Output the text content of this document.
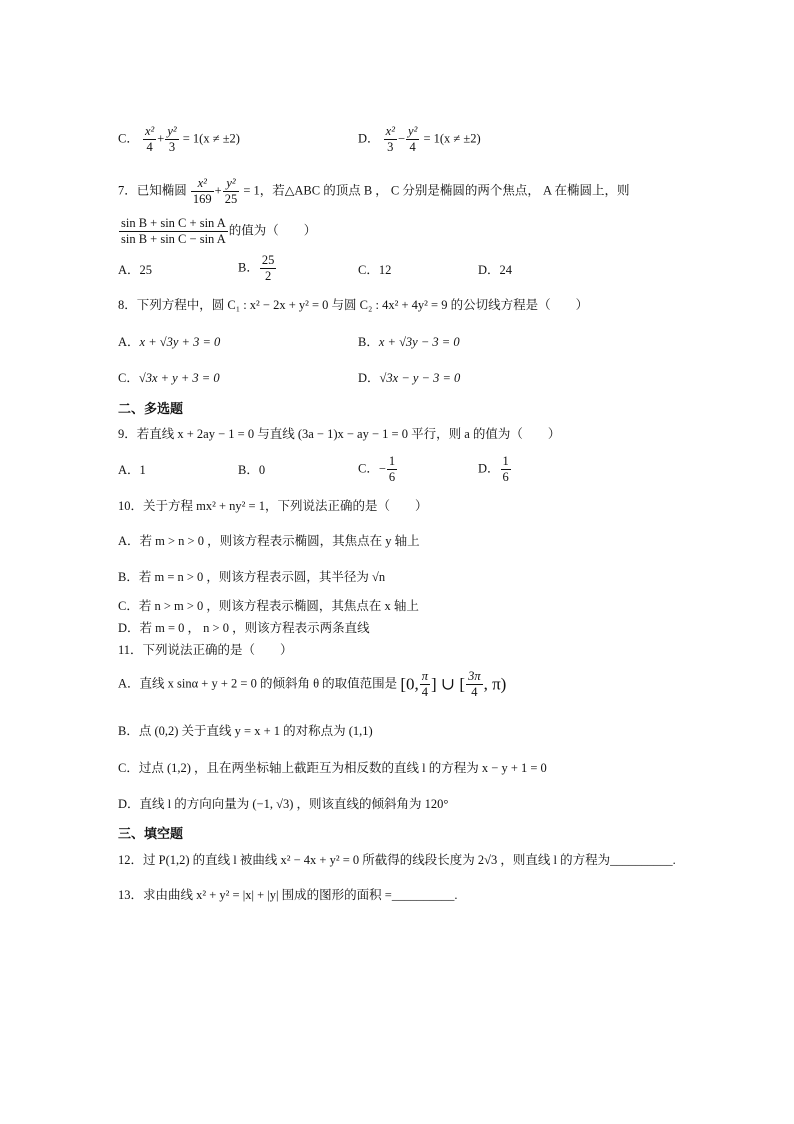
C． $\frac{\text{x²}}{4} + \frac{\text{y²}}{3} = 1(x \ne \pm 2)$	D． $\frac{\text{x²}}{3} - \frac{\text{y²}}{4} = 1(x \ne \pm 2)$
7．已知椭圆 $\frac{\text{x²}}{169} + \frac{\text{y²}}{25} = 1$，若△ABC 的顶点 B ， C 分别是椭圆的两个焦点， A 在椭圆上，则
$\frac{\text{sin B + sin C + sin A}}{\text{sin B + sin C − sin A}}$ 的值为（　　）
A．25	B． $\frac{25}{2}$	C．12	D．24
8．下列方程中，圆 C₁ : x² − 2x + y² = 0 与圆 C₂ : 4x² + 4y² = 9 的公切线方程是（　　）
A．x + √3y + 3 = 0	B．x + √3y − 3 = 0
C．√3x + y + 3 = 0	D．√3x − y − 3 = 0
二、多选题
9．若直线 x + 2ay − 1 = 0 与直线 (3a − 1)x − ay − 1 = 0 平行，则 a 的值为（　　）
A．1	B．0	C．− $\frac{1}{6}$	D． $\frac{1}{6}$
10．关于方程 mx² + ny² = 1，下列说法正确的是（　　）
A．若 m > n > 0 ，则该方程表示椭圆，其焦点在 y 轴上
B．若 m = n > 0 ，则该方程表示圆，其半径为 √n
C．若 n > m > 0 ，则该方程表示椭圆，其焦点在 x 轴上
D．若 m = 0 ， n > 0 ，则该方程表示两条直线
11．下列说法正确的是（　　）
A．直线 x sinα + y + 2 = 0 的倾斜角 θ 的取值范围是 [0, $\frac{\pi}{4}$ ] ∪ [ $\frac{3\pi}{4}$ , π)
B．点 (0,2) 关于直线 y = x + 1 的对称点为 (1,1)
C．过点 (1,2) ，且在两坐标轴上截距互为相反数的直线 l 的方程为 x − y + 1 = 0
D．直线 l 的方向向量为 (−1, √3) ，则该直线的倾斜角为 120°
三、填空题
12．过 P(1,2) 的直线 l 被曲线 x² − 4x + y² = 0 所截得的线段长度为 2√3 ，则直线 l 的方程为__________.
13．求由曲线 x² + y² = |x| + |y| 围成的图形的面积 =__________.
